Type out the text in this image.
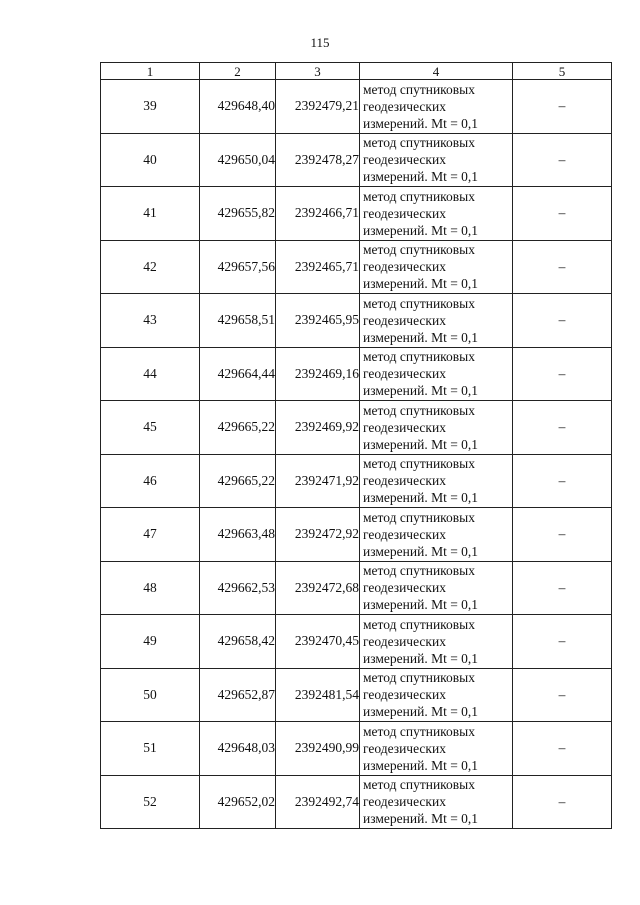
115
1	2	3	4	5
39	429648,40	2392479,21	метод спутниковых
геодезических
измерений. Mt = 0,1	–
40	429650,04	2392478,27	метод спутниковых
геодезических
измерений. Mt = 0,1	–
41	429655,82	2392466,71	метод спутниковых
геодезических
измерений. Mt = 0,1	–
42	429657,56	2392465,71	метод спутниковых
геодезических
измерений. Mt = 0,1	–
43	429658,51	2392465,95	метод спутниковых
геодезических
измерений. Mt = 0,1	–
44	429664,44	2392469,16	метод спутниковых
геодезических
измерений. Mt = 0,1	–
45	429665,22	2392469,92	метод спутниковых
геодезических
измерений. Mt = 0,1	–
46	429665,22	2392471,92	метод спутниковых
геодезических
измерений. Mt = 0,1	–
47	429663,48	2392472,92	метод спутниковых
геодезических
измерений. Mt = 0,1	–
48	429662,53	2392472,68	метод спутниковых
геодезических
измерений. Mt = 0,1	–
49	429658,42	2392470,45	метод спутниковых
геодезических
измерений. Mt = 0,1	–
50	429652,87	2392481,54	метод спутниковых
геодезических
измерений. Mt = 0,1	–
51	429648,03	2392490,99	метод спутниковых
геодезических
измерений. Mt = 0,1	–
52	429652,02	2392492,74	метод спутниковых
геодезических
измерений. Mt = 0,1	–
